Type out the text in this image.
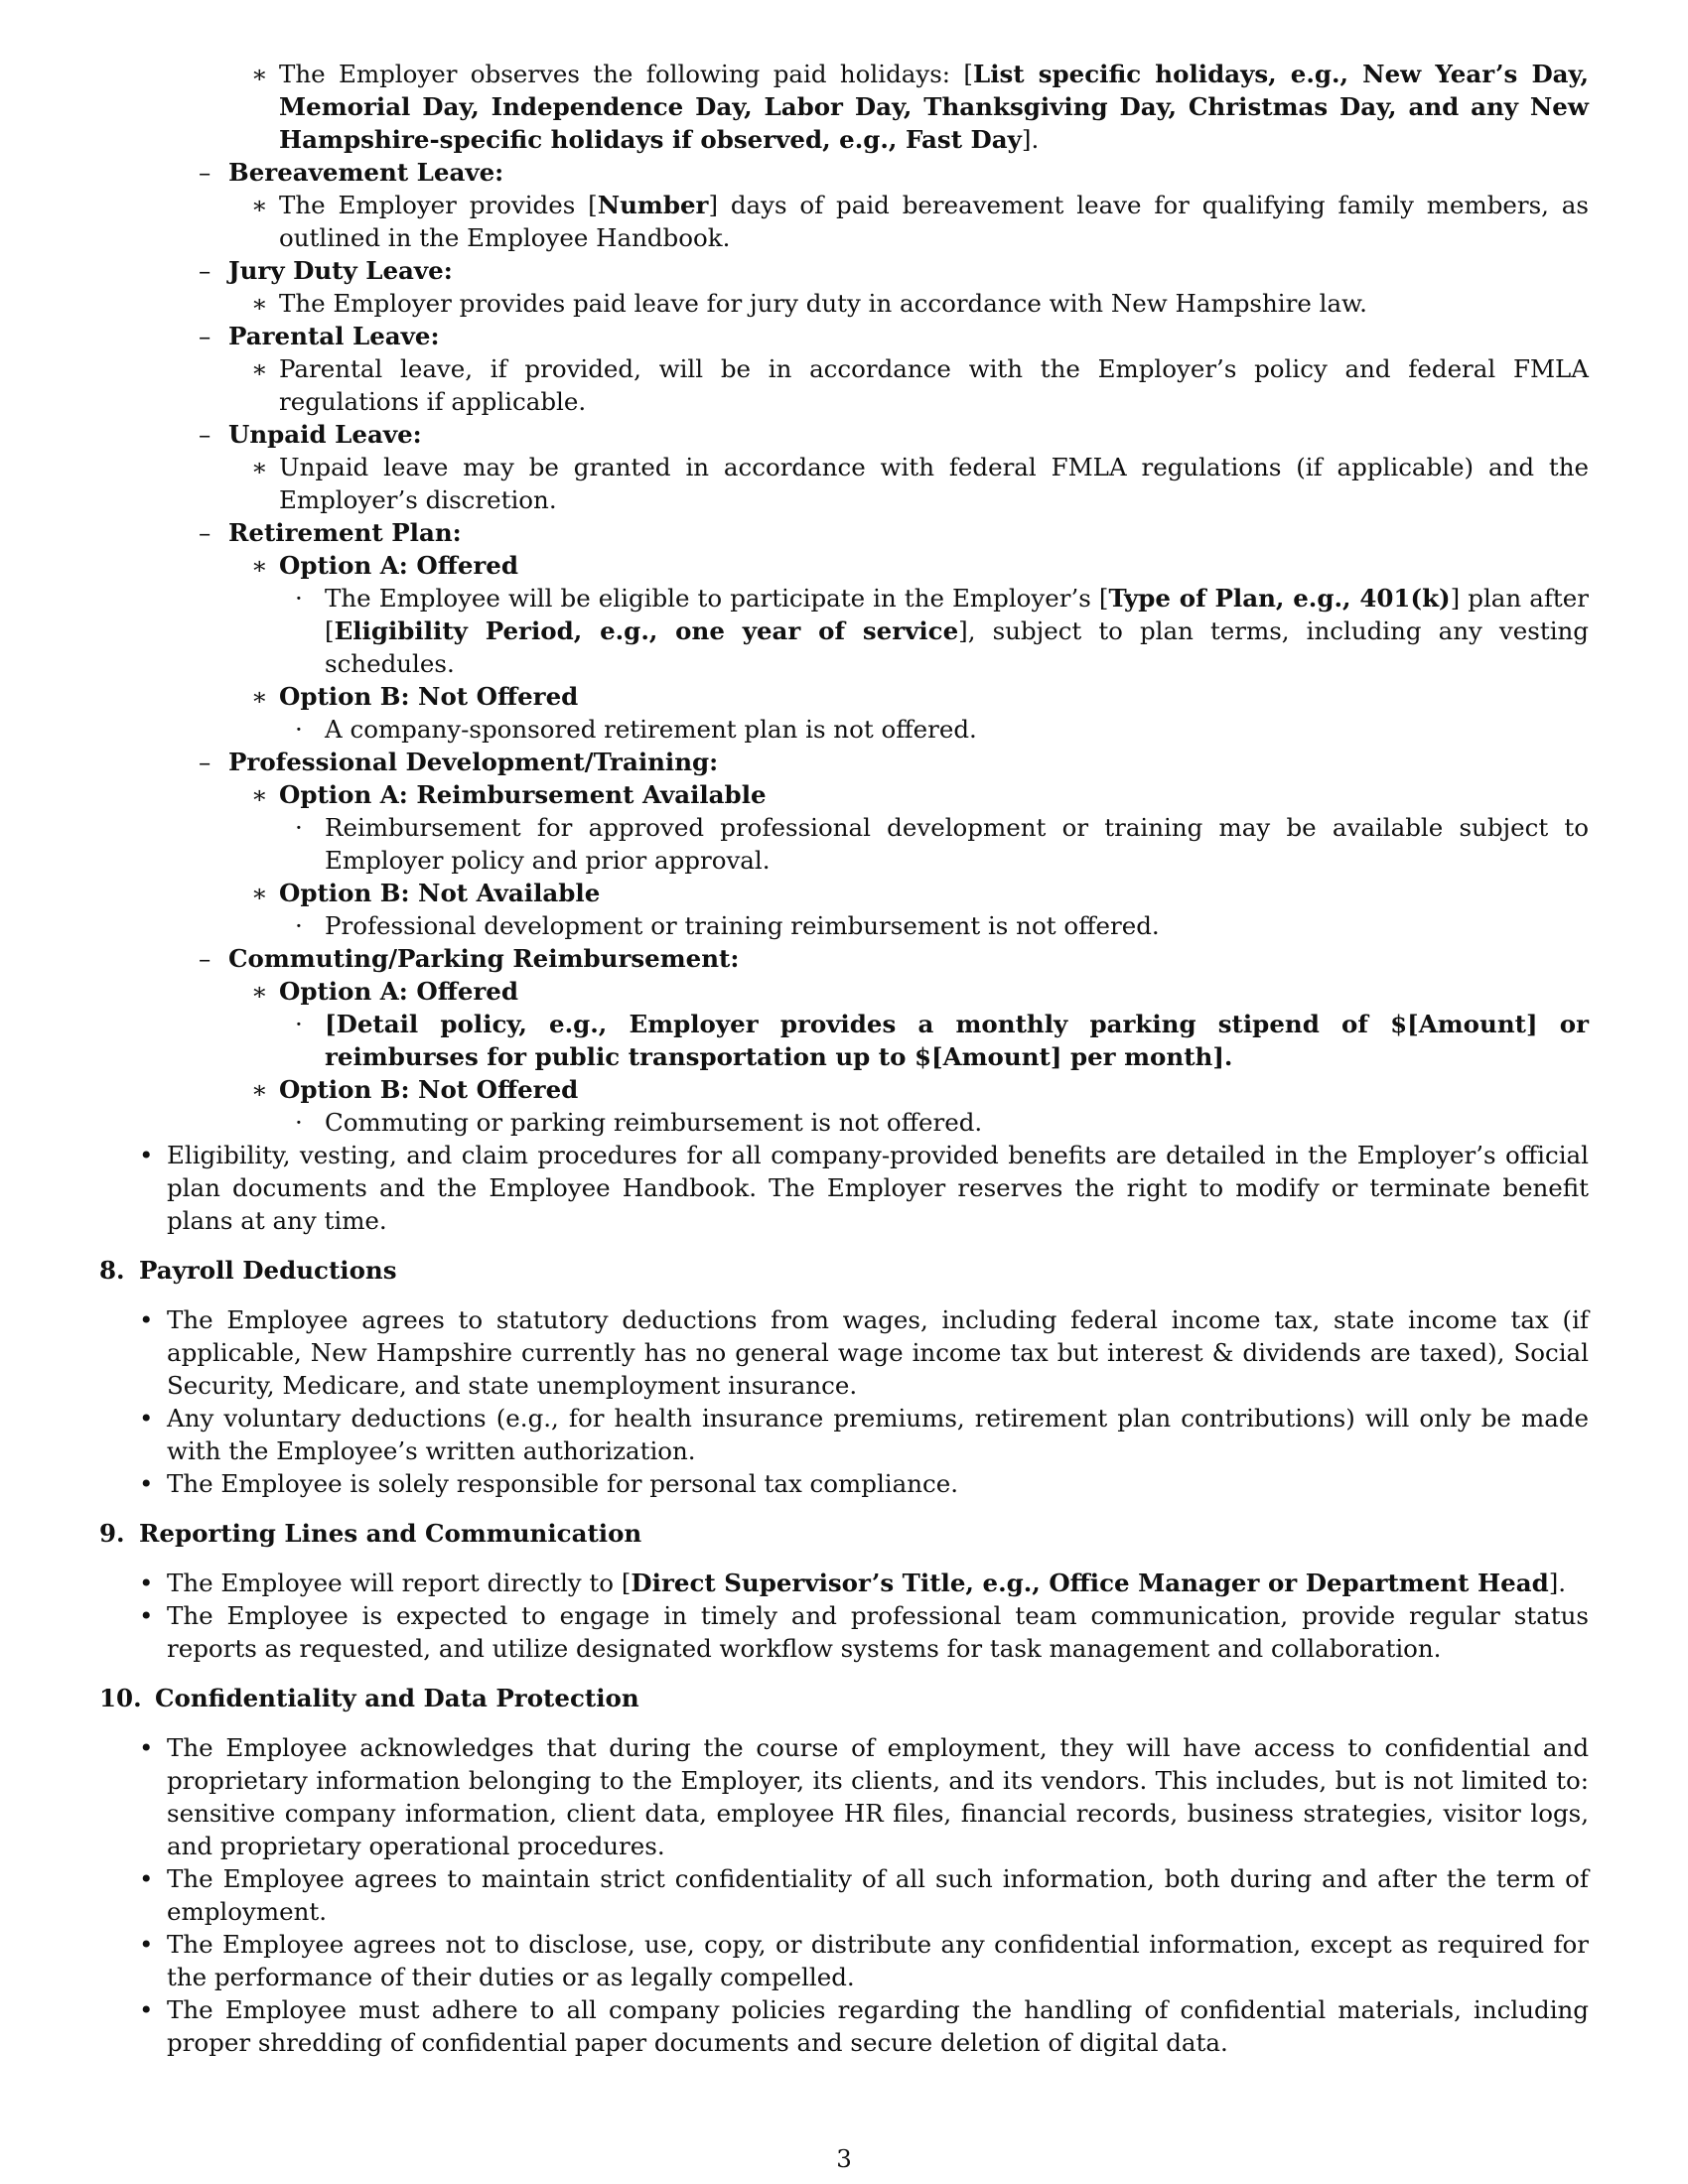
∗ The Employer observes the following paid holidays: [List specific holidays, e.g., New Year’s Day, Memorial Day, Independence Day, Labor Day, Thanksgiving Day, Christmas Day, and any New Hampshire-specific holidays if observed, e.g., Fast Day].

– Bereavement Leave:

∗ The Employer provides [Number] days of paid bereavement leave for qualifying family members, as outlined in the Employee Handbook.

– Jury Duty Leave:

∗ The Employer provides paid leave for jury duty in accordance with New Hampshire law.

– Parental Leave:

∗ Parental leave, if provided, will be in accordance with the Employer’s policy and federal FMLA regulations if applicable.

– Unpaid Leave:

∗ Unpaid leave may be granted in accordance with federal FMLA regulations (if applicable) and the Employer’s discretion.

– Retirement Plan:

∗ Option A: Offered

· The Employee will be eligible to participate in the Employer’s [Type of Plan, e.g., 401(k)] plan after [Eligibility Period, e.g., one year of service], subject to plan terms, including any vesting schedules.

∗ Option B: Not Offered

· A company-sponsored retirement plan is not offered.

– Professional Development/Training:

∗ Option A: Reimbursement Available

· Reimbursement for approved professional development or training may be available subject to Employer policy and prior approval.

∗ Option B: Not Available

· Professional development or training reimbursement is not offered.

– Commuting/Parking Reimbursement:

∗ Option A: Offered

· [Detail policy, e.g., Employer provides a monthly parking stipend of $[Amount] or reimburses for public transportation up to $[Amount] per month].

∗ Option B: Not Offered

· Commuting or parking reimbursement is not offered.

• Eligibility, vesting, and claim procedures for all company-provided benefits are detailed in the Employer’s official plan documents and the Employee Handbook. The Employer reserves the right to modify or terminate benefit plans at any time.

8. Payroll Deductions

• The Employee agrees to statutory deductions from wages, including federal income tax, state income tax (if applicable, New Hampshire currently has no general wage income tax but interest & dividends are taxed), Social Security, Medicare, and state unemployment insurance.

• Any voluntary deductions (e.g., for health insurance premiums, retirement plan contributions) will only be made with the Employee’s written authorization.

• The Employee is solely responsible for personal tax compliance.

9. Reporting Lines and Communication

• The Employee will report directly to [Direct Supervisor’s Title, e.g., Office Manager or Department Head].

• The Employee is expected to engage in timely and professional team communication, provide regular status reports as requested, and utilize designated workflow systems for task management and collaboration.

10. Confidentiality and Data Protection

• The Employee acknowledges that during the course of employment, they will have access to confidential and proprietary information belonging to the Employer, its clients, and its vendors. This includes, but is not limited to: sensitive company information, client data, employee HR files, financial records, business strategies, visitor logs, and proprietary operational procedures.

• The Employee agrees to maintain strict confidentiality of all such information, both during and after the term of employment.

• The Employee agrees not to disclose, use, copy, or distribute any confidential information, except as required for the performance of their duties or as legally compelled.

• The Employee must adhere to all company policies regarding the handling of confidential materials, including proper shredding of confidential paper documents and secure deletion of digital data.

3
